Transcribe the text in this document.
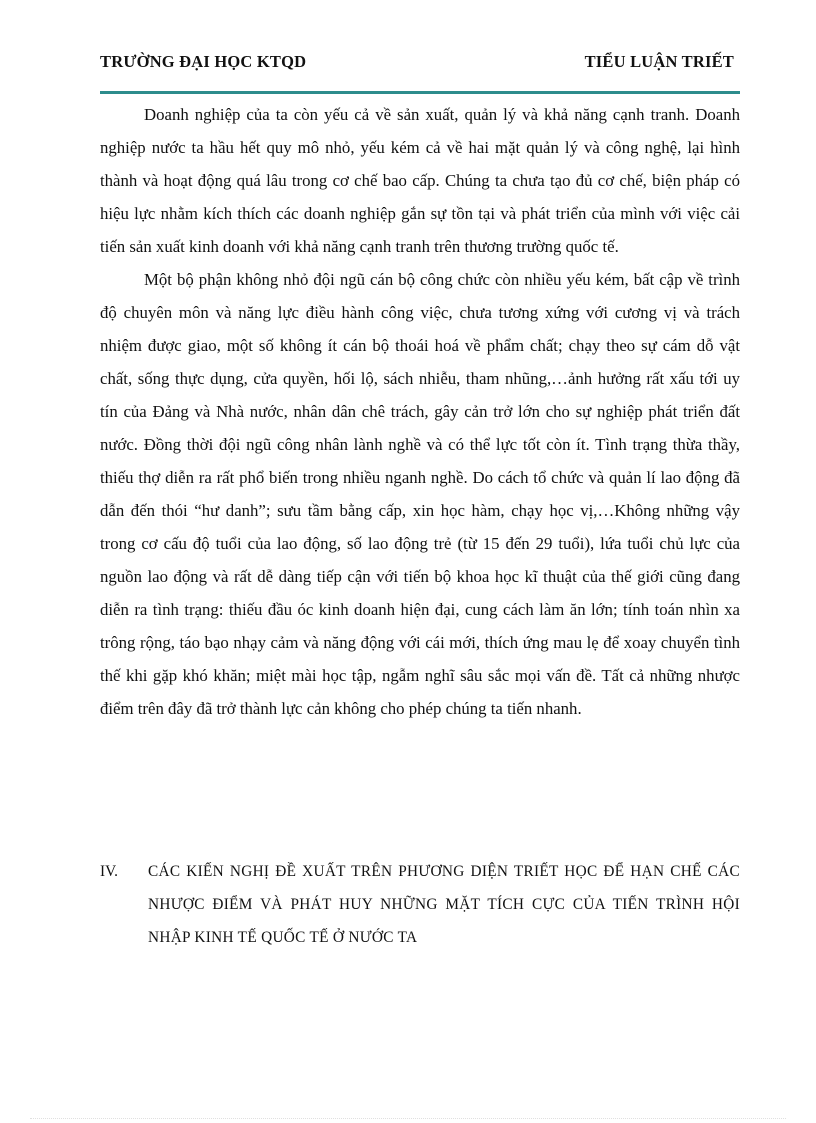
TRƯỜNG ĐẠI HỌC KTQD	TIỂU LUẬN TRIẾT

Doanh nghiệp của ta còn yếu cả về sản xuất, quản lý và khả năng cạnh tranh. Doanh nghiệp nước ta hầu hết quy mô nhỏ, yếu kém cả về hai mặt quản lý và công nghệ, lại hình thành và hoạt động quá lâu trong cơ chế bao cấp. Chúng ta chưa tạo đủ cơ chế, biện pháp có hiệu lực nhằm kích thích các doanh nghiệp gắn sự tồn tại và phát triển của mình với việc cải tiến sản xuất kinh doanh với khả năng cạnh tranh trên thương trường quốc tế.

Một bộ phận không nhỏ đội ngũ cán bộ công chức còn nhiều yếu kém, bất cập về trình độ chuyên môn và năng lực điều hành công việc, chưa tương xứng với cương vị và trách nhiệm được giao, một số không ít cán bộ thoái hoá về phẩm chất; chạy theo sự cám dỗ vật chất, sống thực dụng, cửa quyền, hối lộ, sách nhiễu, tham nhũng,…ảnh hưởng rất xấu tới uy tín của Đảng và Nhà nước, nhân dân chê trách, gây cản trở lớn cho sự nghiệp phát triển đất nước. Đồng thời đội ngũ công nhân lành nghề và có thể lực tốt còn ít. Tình trạng thừa thầy, thiếu thợ diễn ra rất phổ biến trong nhiều nganh nghề. Do cách tổ chức và quản lí lao động đã dẫn đến thói “hư danh”; sưu tầm bằng cấp, xin học hàm, chạy học vị,…Không những vậy trong cơ cấu độ tuổi của lao động, số lao động trẻ (từ 15 đến 29 tuổi), lứa tuổi chủ lực của nguồn lao động và rất dễ dàng tiếp cận với tiến bộ khoa học kĩ thuật của thế giới cũng đang diễn ra tình trạng: thiếu đầu óc kinh doanh hiện đại, cung cách làm ăn lớn; tính toán nhìn xa trông rộng, táo bạo nhạy cảm và năng động với cái mới, thích ứng mau lẹ để xoay chuyển tình thế khi gặp khó khăn; miệt mài học tập, ngẫm nghĩ sâu sắc mọi vấn đề. Tất cả những nhược điểm trên đây đã trở thành lực cản không cho phép chúng ta tiến nhanh.

IV. CÁC KIẾN NGHỊ ĐỀ XUẤT TRÊN PHƯƠNG DIỆN TRIẾT HỌC ĐỂ HẠN CHẾ CÁC NHƯỢC ĐIỂM VÀ PHÁT HUY NHỮNG MẶT TÍCH CỰC CỦA TIẾN TRÌNH HỘI NHẬP KINH TẾ QUỐC TẾ Ở NƯỚC TA
